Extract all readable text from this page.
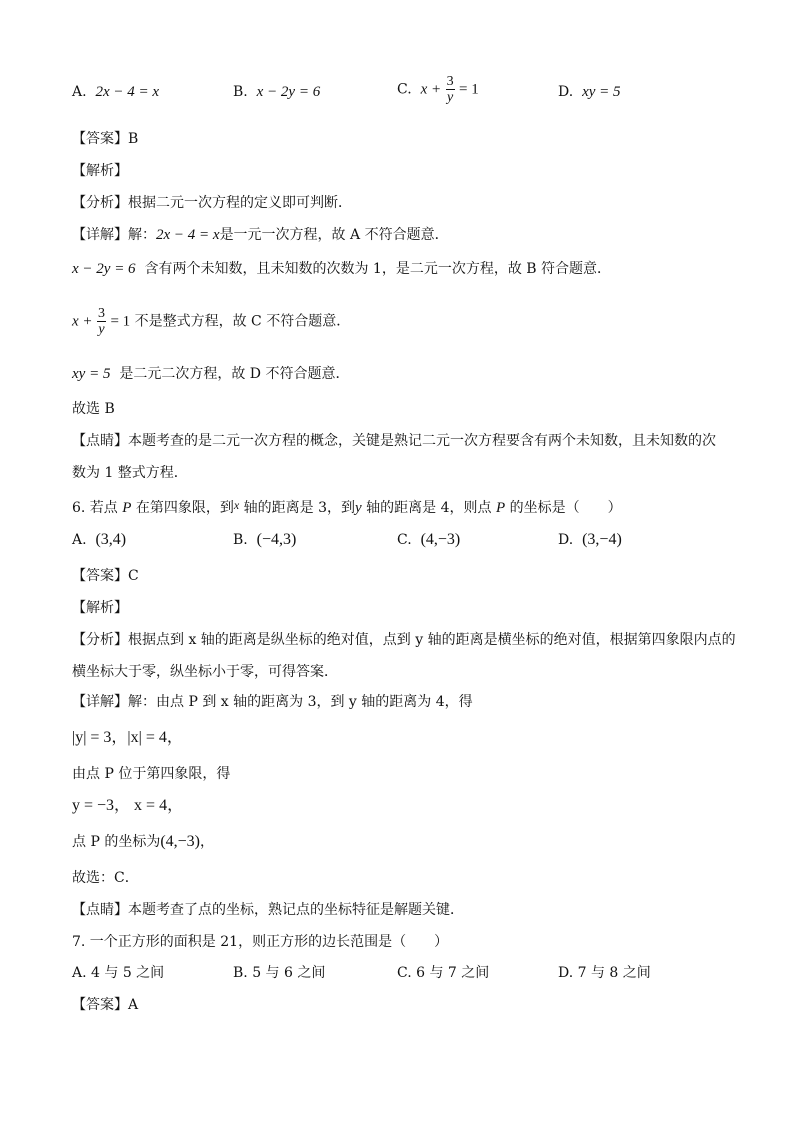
A. 2x − 4 = x	B. x − 2y = 6	C. $x + \frac{3}{y} = 1$	D. xy = 5
【答案】B
【解析】
【分析】根据二元一次方程的定义即可判断．
【详解】解：2x − 4 = x是一元一次方程，故 A 不符合题意．
x − 2y = 6 含有两个未知数，且未知数的次数为 1，是二元一次方程，故 B 符合题意．
$x + \frac{3}{y} = 1$ 不是整式方程，故 C 不符合题意．
xy = 5 是二元二次方程，故 D 不符合题意．
故选 B
【点睛】本题考查的是二元一次方程的概念，关键是熟记二元一次方程要含有两个未知数，且未知数的次
数为 1 整式方程．
6. 若点 P 在第四象限，到x 轴的距离是 3，到y 轴的距离是 4，则点 P 的坐标是（　　）
A. (3,4)	B. (−4,3)	C. (4,−3)	D. (3,−4)
【答案】C
【解析】
【分析】根据点到 x 轴的距离是纵坐标的绝对值，点到 y 轴的距离是横坐标的绝对值，根据第四象限内点的
横坐标大于零，纵坐标小于零，可得答案．
【详解】解：由点 P 到 x 轴的距离为 3，到 y 轴的距离为 4，得
|y| = 3，|x| = 4，
由点 P 位于第四象限，得
y = −3， x = 4，
点 P 的坐标为(4,−3)，
故选：C．
【点睛】本题考查了点的坐标，熟记点的坐标特征是解题关键．
7. 一个正方形的面积是 21，则正方形的边长范围是（　　）
A. 4 与 5 之间	B. 5 与 6 之间	C. 6 与 7 之间	D. 7 与 8 之间
【答案】A
